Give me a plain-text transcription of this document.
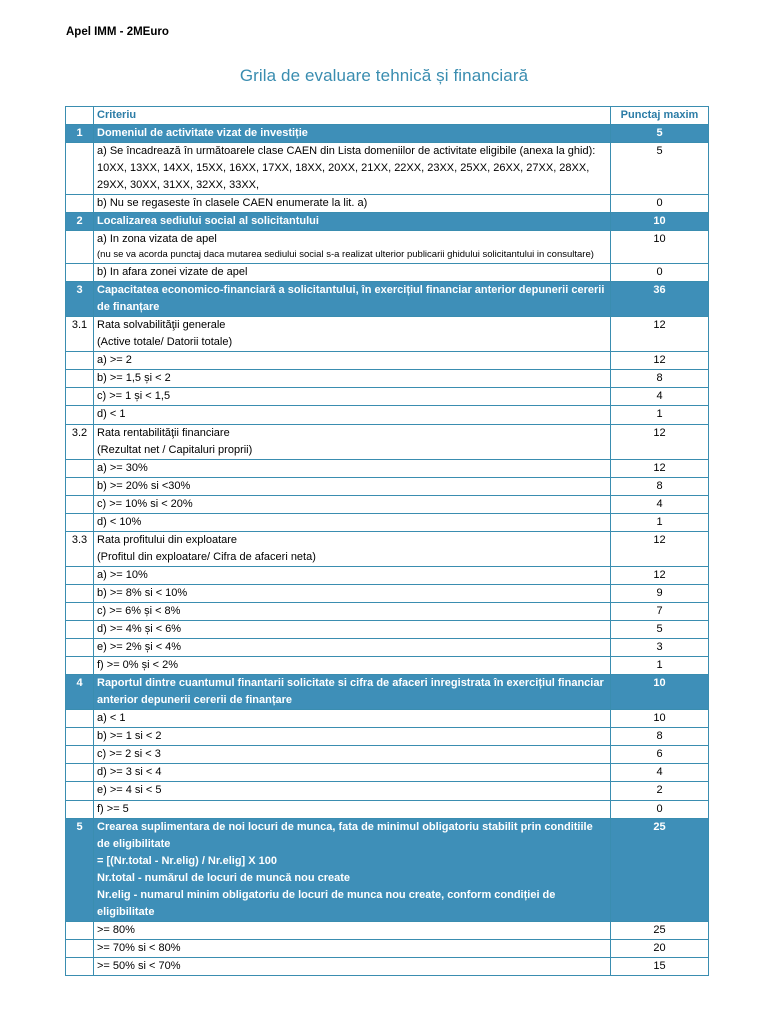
Apel IMM - 2MEuro
Grila de evaluare tehnică și financiară
	Criteriu	Punctaj maxim
1	Domeniul de activitate vizat de investiție	5

	a) Se încadrează în următoarele clase CAEN din Lista domeniilor de activitate eligibile (anexa la ghid):
10XX, 13XX, 14XX, 15XX, 16XX, 17XX, 18XX, 20XX, 21XX, 22XX, 23XX, 25XX, 26XX, 27XX, 28XX, 29XX, 30XX, 31XX, 32XX, 33XX,	5
	b) Nu se regaseste în clasele CAEN enumerate la lit. a)	0
2	Localizarea sediului social al solicitantului	10

	a) In zona vizata de apel
(nu se va acorda punctaj daca mutarea sediului social s-a realizat ulterior publicarii ghidului solicitantului in consultare)	10
	b) In afara zonei vizate de apel	0
3	Capacitatea economico-financiară a solicitantului, în exercițiul financiar anterior depunerii cererii de finanțare	36
3.1	Rata solvabilităţii generale
(Active totale/ Datorii totale)	12
	a) >= 2	12
	b) >= 1,5 și < 2	8
	c) >= 1 și < 1,5	4
	d) < 1	1
3.2	Rata rentabilităţii financiare
(Rezultat net / Capitaluri proprii)	12
	a) >= 30%	12
	b) >= 20% si <30%	8
	c) >= 10% si < 20%	4
	d) < 10%	1
3.3	Rata profitului din exploatare
(Profitul din exploatare/ Cifra de afaceri neta)	12
	a) >= 10%	12
	b) >= 8% si < 10%	9
	c) >= 6% și < 8%	7
	d) >= 4% și < 6%	5
	e) >= 2% și < 4%	3
	f) >= 0% și < 2%	1
4	Raportul dintre cuantumul finantarii solicitate si cifra de afaceri inregistrata în exercițiul financiar anterior depunerii cererii de finanțare	10
	a) < 1	10
	b) >= 1 si < 2	8
	c) >= 2 si < 3	6
	d) >= 3 si < 4	4
	e) >= 4 si < 5	2
	f) >= 5	0
5	Crearea suplimentara de noi locuri de munca, fata de minimul obligatoriu stabilit prin conditiile de eligibilitate
= [(Nr.total - Nr.elig) / Nr.elig] X 100
Nr.total - numărul de locuri de muncă nou create
Nr.elig - numarul minim obligatoriu de locuri de munca nou create, conform condiției de eligibilitate	25
	>= 80%	25
	>= 70% si < 80%	20
	>= 50% si < 70%	15
